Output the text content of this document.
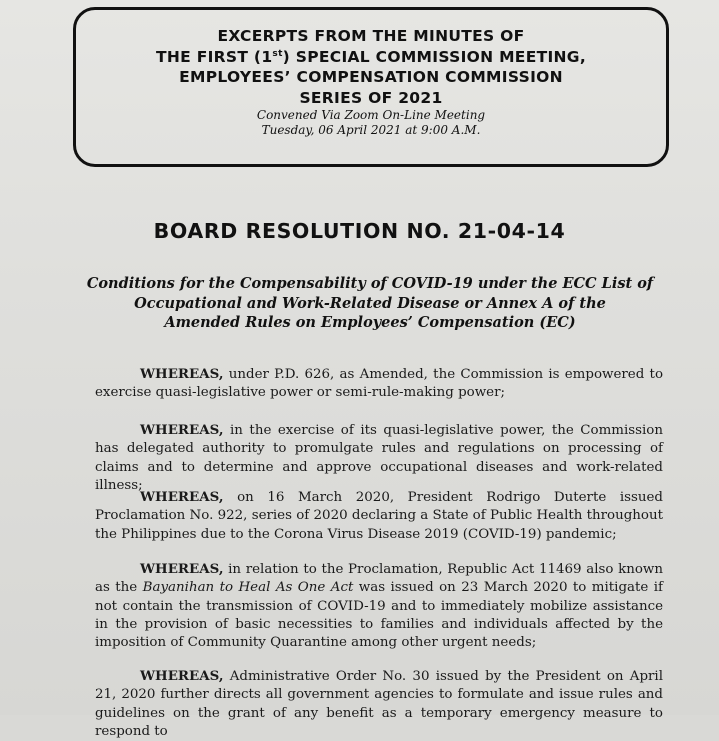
EXCERPTS FROM THE MINUTES OF
THE FIRST (1st) SPECIAL COMMISSION MEETING,
EMPLOYEES’ COMPENSATION COMMISSION
SERIES OF 2021
Convened Via Zoom On-Line Meeting
Tuesday, 06 April 2021 at 9:00 A.M.
BOARD RESOLUTION NO. 21-04-14
Conditions for the Compensability of COVID-19 under the ECC List of
Occupational and Work-Related Disease or Annex A of the
Amended Rules on Employees’ Compensation (EC)

WHEREAS, under P.D. 626, as Amended, the Commission is empowered to exercise quasi-legislative power or semi-rule-making power;

WHEREAS, in the exercise of its quasi-legislative power, the Commission has delegated authority to promulgate rules and regulations on processing of claims and to determine and approve occupational diseases and work-related illness;

WHEREAS, on 16 March 2020, President Rodrigo Duterte issued Proclamation No. 922, series of 2020 declaring a State of Public Health throughout the Philippines due to the Corona Virus Disease 2019 (COVID-19) pandemic;

WHEREAS, in relation to the Proclamation, Republic Act 11469 also known as the Bayanihan to Heal As One Act was issued on 23 March 2020 to mitigate if not contain the transmission of COVID-19 and to immediately mobilize assistance in the provision of basic necessities to families and individuals affected by the imposition of Community Quarantine among other urgent needs;

WHEREAS, Administrative Order No. 30 issued by the President on April 21, 2020 further directs all government agencies to formulate and issue rules and guidelines on the grant of any benefit as a temporary emergency measure to respond to
